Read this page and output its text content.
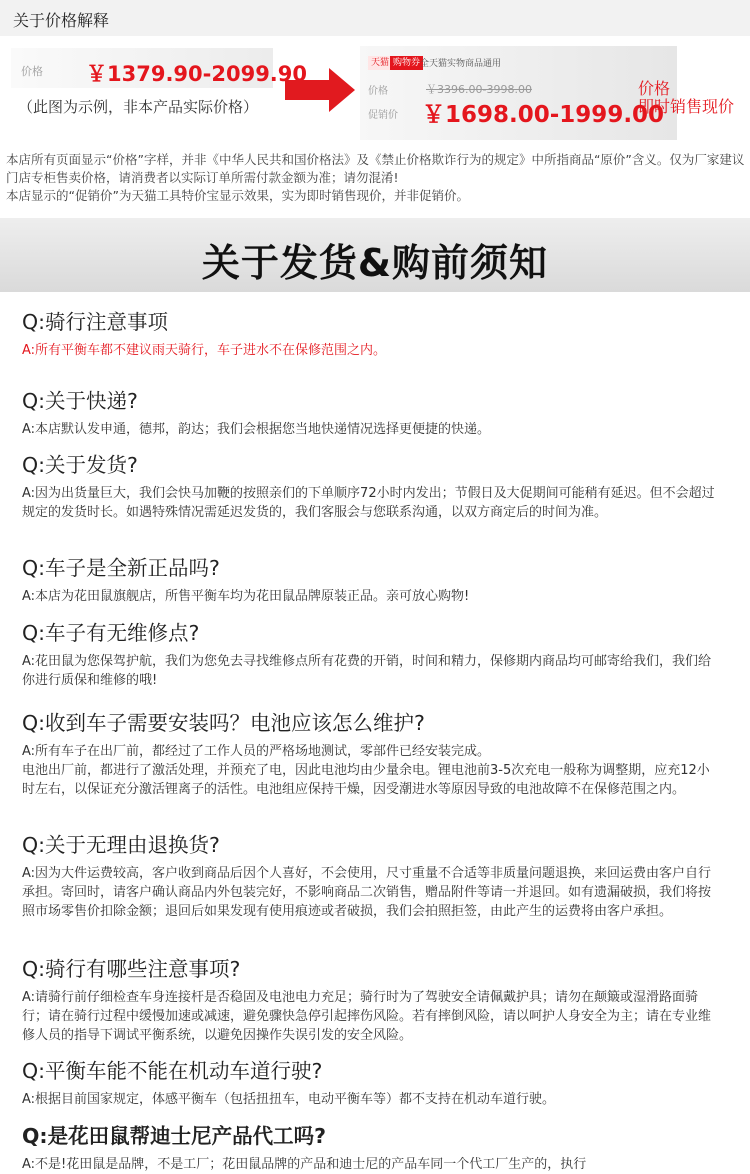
关于价格解释
价格 ￥1379.90-2099.90
（此图为示例，非本产品实际价格）
天猫 购物券 全天猫实物商品通用
价格	￥3396.00-3998.00
促销价 ￥1698.00-1999.00
价格
即时销售现价

本店所有页面显示“价格”字样，并非《中华人民共和国价格法》及《禁止价格欺诈行为的规定》中所指商品“原价”含义。仅为厂家建议门店专柜售卖价格，请消费者以实际订单所需付款金额为准；请勿混淆!

本店显示的“促销价”为天猫工具特价宝显示效果，实为即时销售现价，并非促销价。

关于发货&购前须知
Q:骑行注意事项

A:所有平衡车都不建议雨天骑行，车子进水不在保修范围之内。

Q:关于快递?

A:本店默认发申通，德邦，韵达；我们会根据您当地快递情况选择更便捷的快递。

Q:关于发货?

A:因为出货量巨大，我们会快马加鞭的按照亲们的下单顺序72小时内发出；节假日及大促期间可能稍有延迟。但不会超过规定的发货时长。如遇特殊情况需延迟发货的，我们客服会与您联系沟通，以双方商定后的时间为准。

Q:车子是全新正品吗?

A:本店为花田鼠旗舰店，所售平衡车均为花田鼠品牌原装正品。亲可放心购物!

Q:车子有无维修点?

A:花田鼠为您保驾护航，我们为您免去寻找维修点所有花费的开销，时间和精力，保修期内商品均可邮寄给我们，我们给你进行质保和维修的哦!

Q:收到车子需要安装吗？电池应该怎么维护?

A:所有车子在出厂前，都经过了工作人员的严格场地测试，零部件已经安装完成。

电池出厂前，都进行了激活处理，并预充了电，因此电池均由少量余电。锂电池前3-5次充电一般称为调整期，应充12小时左右，以保证充分激活锂离子的活性。电池组应保持干燥，因受潮进水等原因导致的电池故障不在保修范围之内。

Q:关于无理由退换货?

A:因为大件运费较高，客户收到商品后因个人喜好，不会使用，尺寸重量不合适等非质量问题退换，来回运费由客户自行承担。寄回时，请客户确认商品内外包装完好，不影响商品二次销售，赠品附件等请一并退回。如有遗漏破损，我们将按照市场零售价扣除金额；退回后如果发现有使用痕迹或者破损，我们会拍照拒签，由此产生的运费将由客户承担。

Q:骑行有哪些注意事项?

A:请骑行前仔细检查车身连接杆是否稳固及电池电力充足；骑行时为了驾驶安全请佩戴护具；请勿在颠簸或湿滑路面骑行；请在骑行过程中缓慢加速或减速，避免骤快急停引起摔伤风险。若有摔倒风险，请以呵护人身安全为主；请在专业维修人员的指导下调试平衡系统，以避免因操作失误引发的安全风险。

Q:平衡车能不能在机动车道行驶?

A:根据目前国家规定，体感平衡车（包括扭扭车，电动平衡车等）都不支持在机动车道行驶。

Q:是花田鼠帮迪士尼产品代工吗?

A:不是!花田鼠是品牌，不是工厂；花田鼠品牌的产品和迪士尼的产品车同一个代工厂生产的，执行
